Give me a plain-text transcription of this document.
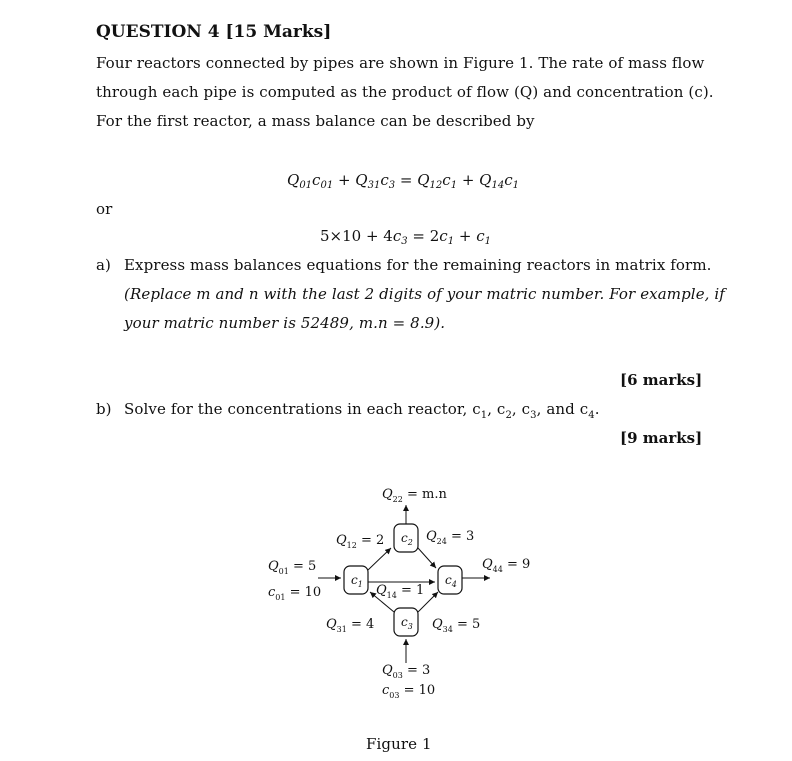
QUESTION 4 [15 Marks]
Four reactors connected by pipes are shown in Figure 1. The rate of mass flow
through each pipe is computed as the product of flow (Q) and concentration (c).
For the first reactor, a mass balance can be described by
$Q_{01}c_{01} + Q_{31}c_3 = Q_{12}c_1 + Q_{14}c_1$
or
$5\times 10 + 4c_3 = 2c_1 + c_1$
a) Express mass balances equations for the remaining reactors in matrix form.
(Replace m and n with the last 2 digits of your matric number. For example, if
your matric number is 52489, m.n = 8.9).
[6 marks]
b) Solve for the concentrations in each reactor, $c_1$, $c_2$, $c_3$, and $c_4$.
[9 marks]
$c_1$
$c_2$
$c_3$
$c_4$
$Q_{22} = m.n$
$Q_{12} = 2$	$Q_{24} = 3$
$Q_{01} = 5$
$c_{01} = 10$	$Q_{14} = 1$
$Q_{44} = 9$
$Q_{31} = 4$	$Q_{34} = 5$
$Q_{03} = 3$
$c_{03} = 10$
Figure 1
